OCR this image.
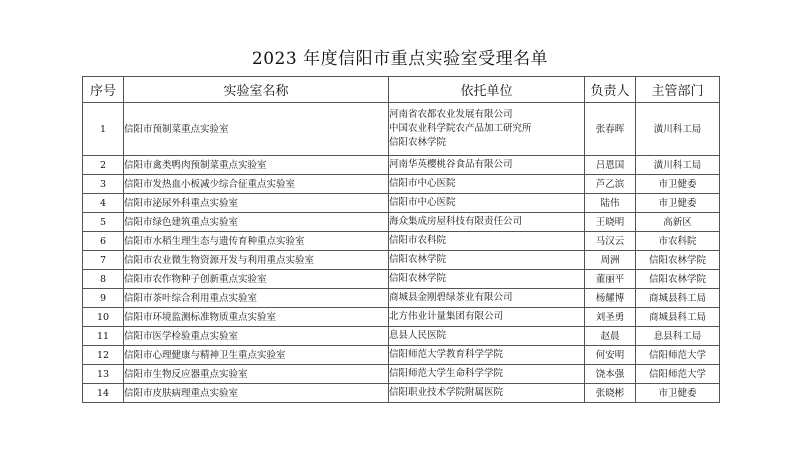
2023 年度信阳市重点实验室受理名单
序号	实验室名称	依托单位	负责人	主管部门
1	信阳市预制菜重点实验室	河南省农都农业发展有限公司
中国农业科学院农产品加工研究所
信阳农林学院	张春晖	潢川科工局
2	信阳市禽类鸭肉预制菜重点实验室	河南华英樱桃谷食品有限公司	吕恩国	潢川科工局
3	信阳市发热血小板减少综合征重点实验室	信阳市中心医院	芦乙滨	市卫健委
4	信阳市泌尿外科重点实验室	信阳市中心医院	陆伟	市卫健委
5	信阳市绿色建筑重点实验室	海众集成房屋科技有限责任公司	王晓明	高新区
6	信阳市水稻生理生态与遗传育种重点实验室	信阳市农科院	马汉云	市农科院
7	信阳市农业微生物资源开发与利用重点实验室	信阳农林学院	周洲	信阳农林学院
8	信阳市农作物种子创新重点实验室	信阳农林学院	董丽平	信阳农林学院
9	信阳市茶叶综合利用重点实验室	商城县金刚碧绿茶业有限公司	杨耀博	商城县科工局
10	信阳市环境监测标准物质重点实验室	北方伟业计量集团有限公司	刘圣勇	商城县科工局
11	信阳市医学检验重点实验室	息县人民医院	赵晨	息县科工局
12	信阳市心理健康与精神卫生重点实验室	信阳师范大学教育科学学院	何安明	信阳师范大学
13	信阳市生物反应器重点实验室	信阳师范大学生命科学学院	饶本强	信阳师范大学
14	信阳市皮肤病理重点实验室	信阳职业技术学院附属医院	张晓彬	市卫健委
